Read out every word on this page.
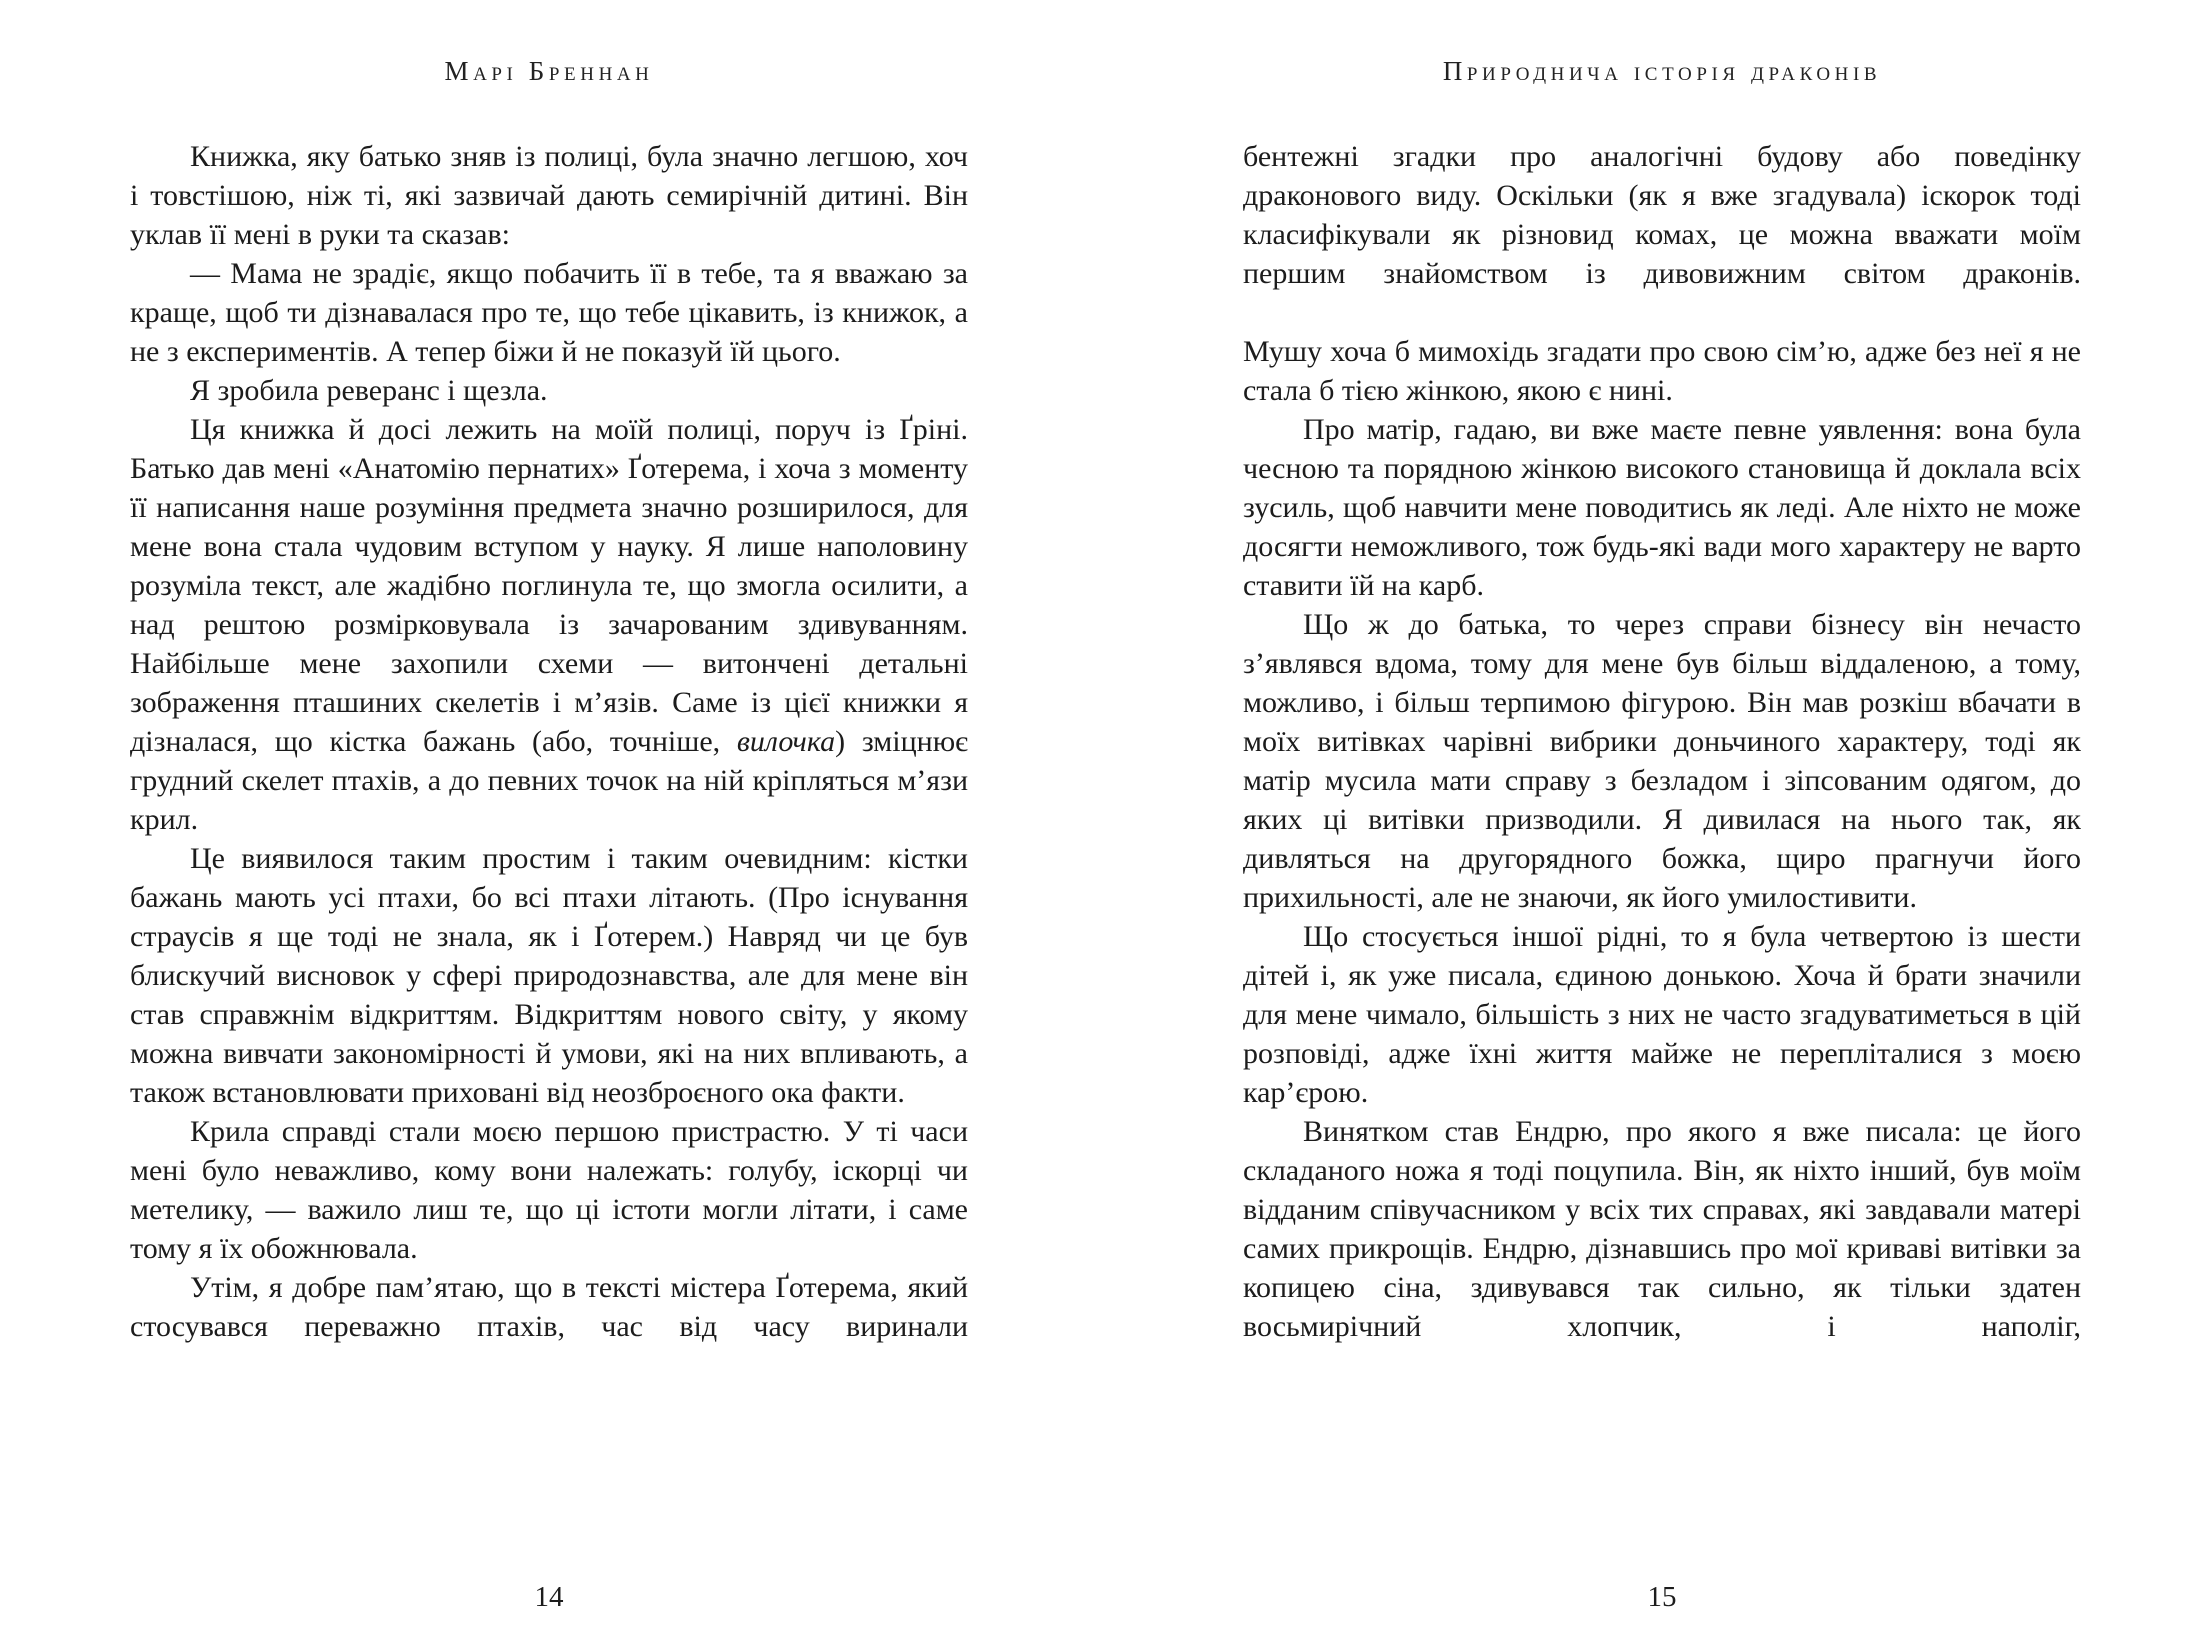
Марі Бреннан

Книжка, яку батько зняв із полиці, була значно легшою, хоч і товстішою, ніж ті, які зазвичай дають семирічній дитині. Він уклав її мені в руки та сказав:

— Мама не зрадіє, якщо побачить її в тебе, та я вважаю за краще, щоб ти дізнавалася про те, що тебе цікавить, із книжок, а не з експериментів. А тепер біжи й не показуй їй цього.

Я зробила реверанс і щезла.

Ця книжка й досі лежить на моїй полиці, поруч із Ґріні. Батько дав мені «Анатомію пернатих» Ґотерема, і хоча з моменту її написання наше розуміння предмета значно розширилося, для мене вона стала чудовим вступом у науку. Я лише наполовину розуміла текст, але жадібно поглинула те, що змогла осилити, а над рештою розмірковувала із зачарованим здивуванням. Найбільше мене захопили схеми — витончені детальні зображення пташиних скелетів і м’язів. Саме із цієї книжки я дізналася, що кістка бажань (або, точніше, вилочка) зміцнює грудний скелет птахів, а до певних точок на ній кріпляться м’язи крил.

Це виявилося таким простим і таким очевидним: кістки бажань мають усі птахи, бо всі птахи літають. (Про існування страусів я ще тоді не знала, як і Ґотерем.) Навряд чи це був блискучий висновок у сфері природознавства, але для мене він став справжнім відкриттям. Відкриттям нового світу, у якому можна вивчати закономірності й умови, які на них впливають, а також встановлювати приховані від неозброєного ока факти.

Крила справді стали моєю першою пристрастю. У ті часи мені було неважливо, кому вони належать: голубу, іскорці чи метелику, — важило лиш те, що ці істоти могли літати, і саме тому я їх обожнювала.

Утім, я добре пам’ятаю, що в тексті містера Ґотерема, який стосувався переважно птахів, час від часу виринали

14
Природнича історія драконів

бентежні згадки про аналогічні будову або поведінку драконового виду. Оскільки (як я вже згадувала) іскорок тоді класифікували як різновид комах, це можна вважати моїм першим знайомством із дивовижним світом драконів.

Мушу хоча б мимохідь згадати про свою сім’ю, адже без неї я не стала б тією жінкою, якою є нині.

Про матір, гадаю, ви вже маєте певне уявлення: вона була чесною та порядною жінкою високого становища й доклала всіх зусиль, щоб навчити мене поводитись як леді. Але ніхто не може досягти неможливого, тож будь-які вади мого характеру не варто ставити їй на карб.

Що ж до батька, то через справи бізнесу він нечасто з’являвся вдома, тому для мене був більш віддаленою, а тому, можливо, і більш терпимою фігурою. Він мав розкіш вбачати в моїх витівках чарівні вибрики доньчиного характеру, тоді як матір мусила мати справу з безладом і зіпсованим одягом, до яких ці витівки призводили. Я дивилася на нього так, як дивляться на другорядного божка, щиро прагнучи його прихильності, але не знаючи, як його умилостивити.

Що стосується іншої рідні, то я була четвертою із шести дітей і, як уже писала, єдиною донькою. Хоча й брати значили для мене чимало, більшість з них не часто згадуватиметься в цій розповіді, адже їхні життя майже не перепліталися з моєю кар’єрою.

Винятком став Ендрю, про якого я вже писала: це його складаного ножа я тоді поцупила. Він, як ніхто інший, був моїм відданим співучасником у всіх тих справах, які завдавали матері самих прикрощів. Ендрю, дізнавшись про мої криваві витівки за копицею сіна, здивувався так сильно, як тільки здатен восьмирічний хлопчик, і наполіг,

15
